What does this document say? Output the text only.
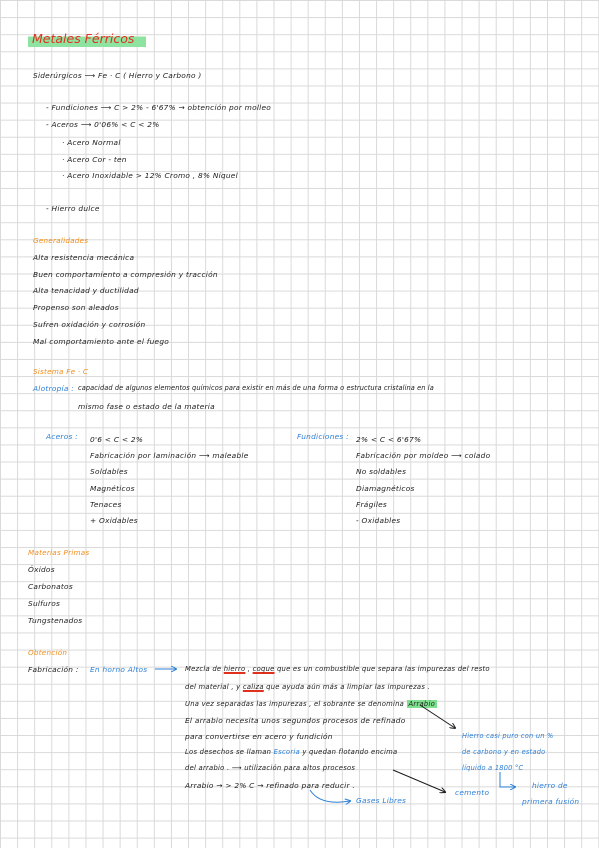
Metales Férricos
Siderúrgicos ⟶ Fe · C ( Hierro y Carbono )
- Fundiciones ⟶ C > 2% - 6'67% → obtención por molleo
- Aceros ⟶ 0'06% < C < 2%
· Acero Normal
· Acero Cor - ten
· Acero Inoxidable > 12% Cromo , 8% Níquel
- Hierro dulce
Generalidades
Alta resistencia mecánica
Buen comportamiento a compresión y tracción
Alta tenacidad y ductilidad
Propenso son aleados
Sufren oxidación y corrosión
Mal comportamiento ante el fuego
Sistema Fe · C
Alotropía : capacidad de algunos elementos químicos para existir en más de una forma o estructura cristalina en la
mismo fase o estado de la materia
Aceros : 0'6 < C < 2%
Fabricación por laminación ⟶ maleable
Soldables
Magnéticos
Tenaces
+ Oxidables
Fundiciones : 2% < C < 6'67%
Fabricación por moldeo ⟶ colado
No soldables
Diamagnéticos
Frágiles
- Oxidables
Materias Primas
Óxidos
Carbonatos
Sulfuros
Tungstenados
Obtención
Fabricación : En horno Altos	Mezcla de hierro , coque que es un combustible que separa las impurezas del resto
del material , y caliza que ayuda aún más a limpiar las impurezas .
Una vez separadas las impurezas , el sobrante se denomina Arrabio
El arrabio necesita unos segundos procesos de refinado
para convertirse en acero y fundición
Los desechos se llaman Escoria y quedan flotando encima
del arrabio . ⟶ utilización para altos procesos
Arrabio → > 2% C → refinado para reducir .
Gases Libres
cemento
Hierro casi puro con un %
de carbono y en estado
líquido a 1800 °C
hierro de
primera fusión
